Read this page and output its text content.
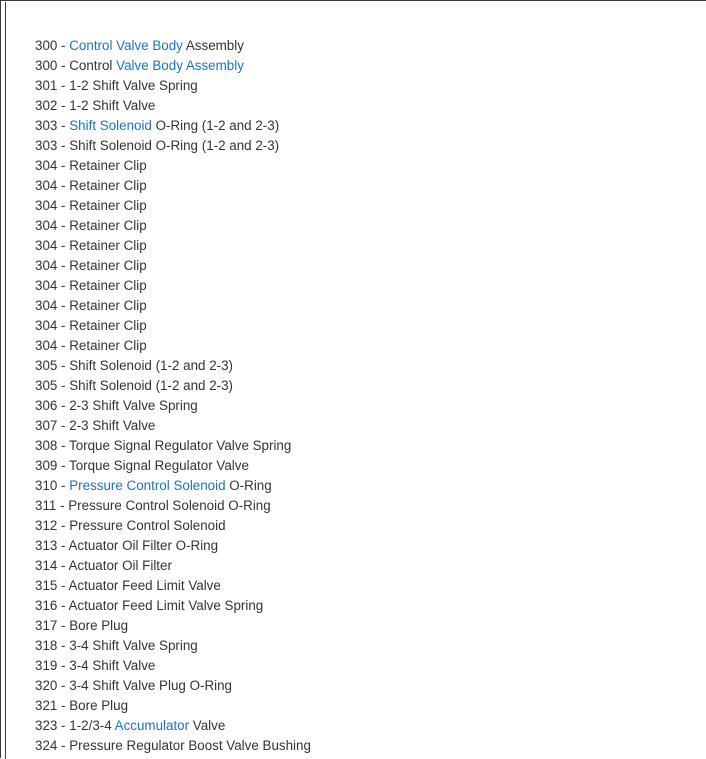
300 - Control Valve Body Assembly
300 - Control Valve Body Assembly
301 - 1-2 Shift Valve Spring
302 - 1-2 Shift Valve
303 - Shift Solenoid O-Ring (1-2 and 2-3)
303 - Shift Solenoid O-Ring (1-2 and 2-3)
304 - Retainer Clip
304 - Retainer Clip
304 - Retainer Clip
304 - Retainer Clip
304 - Retainer Clip
304 - Retainer Clip
304 - Retainer Clip
304 - Retainer Clip
304 - Retainer Clip
304 - Retainer Clip
305 - Shift Solenoid (1-2 and 2-3)
305 - Shift Solenoid (1-2 and 2-3)
306 - 2-3 Shift Valve Spring
307 - 2-3 Shift Valve
308 - Torque Signal Regulator Valve Spring
309 - Torque Signal Regulator Valve
310 - Pressure Control Solenoid O-Ring
311 - Pressure Control Solenoid O-Ring
312 - Pressure Control Solenoid
313 - Actuator Oil Filter O-Ring
314 - Actuator Oil Filter
315 - Actuator Feed Limit Valve
316 - Actuator Feed Limit Valve Spring
317 - Bore Plug
318 - 3-4 Shift Valve Spring
319 - 3-4 Shift Valve
320 - 3-4 Shift Valve Plug O-Ring
321 - Bore Plug
323 - 1-2/3-4 Accumulator Valve
324 - Pressure Regulator Boost Valve Bushing
